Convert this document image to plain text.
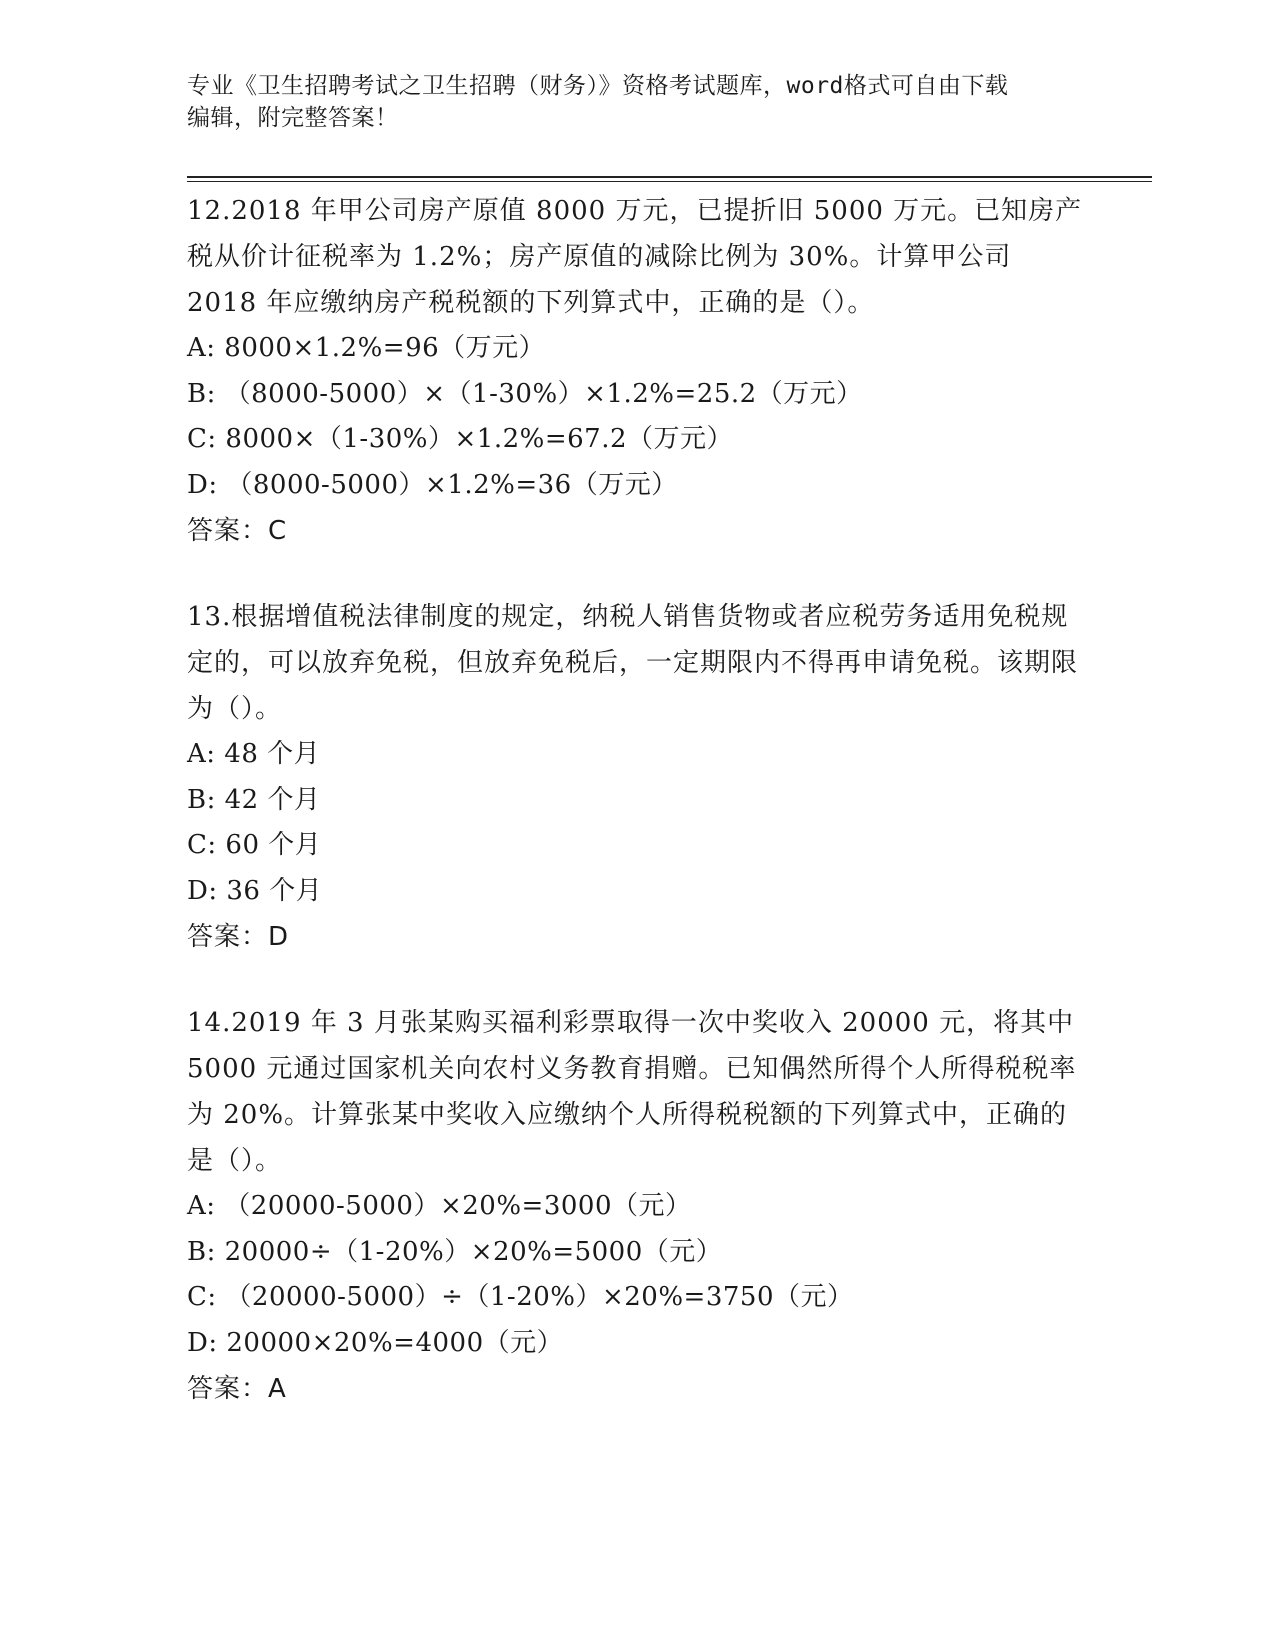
专业《卫生招聘考试之卫生招聘（财务）》资格考试题库，word格式可自由下载
编辑，附完整答案！
12.2018 年甲公司房产原值 8000 万元，已提折旧 5000 万元。已知房产税从价计征税率为 1.2%；房产原值的减除比例为 30%。计算甲公司 2018 年应缴纳房产税税额的下列算式中，正确的是（）。
A: 8000×1.2%=96（万元）
B: （8000-5000）×（1-30%）×1.2%=25.2（万元）
C: 8000×（1-30%）×1.2%=67.2（万元）
D: （8000-5000）×1.2%=36（万元）
答案：C
13.根据增值税法律制度的规定，纳税人销售货物或者应税劳务适用免税规定的，可以放弃免税，但放弃免税后，一定期限内不得再申请免税。该期限为（）。
A: 48 个月
B: 42 个月
C: 60 个月
D: 36 个月
答案：D
14.2019 年 3 月张某购买福利彩票取得一次中奖收入 20000 元，将其中 5000 元通过国家机关向农村义务教育捐赠。已知偶然所得个人所得税税率为 20%。计算张某中奖收入应缴纳个人所得税税额的下列算式中，正确的是（）。
A: （20000-5000）×20%=3000（元）
B: 20000÷（1-20%）×20%=5000（元）
C: （20000-5000）÷（1-20%）×20%=3750（元）
D: 20000×20%=4000（元）
答案：A
